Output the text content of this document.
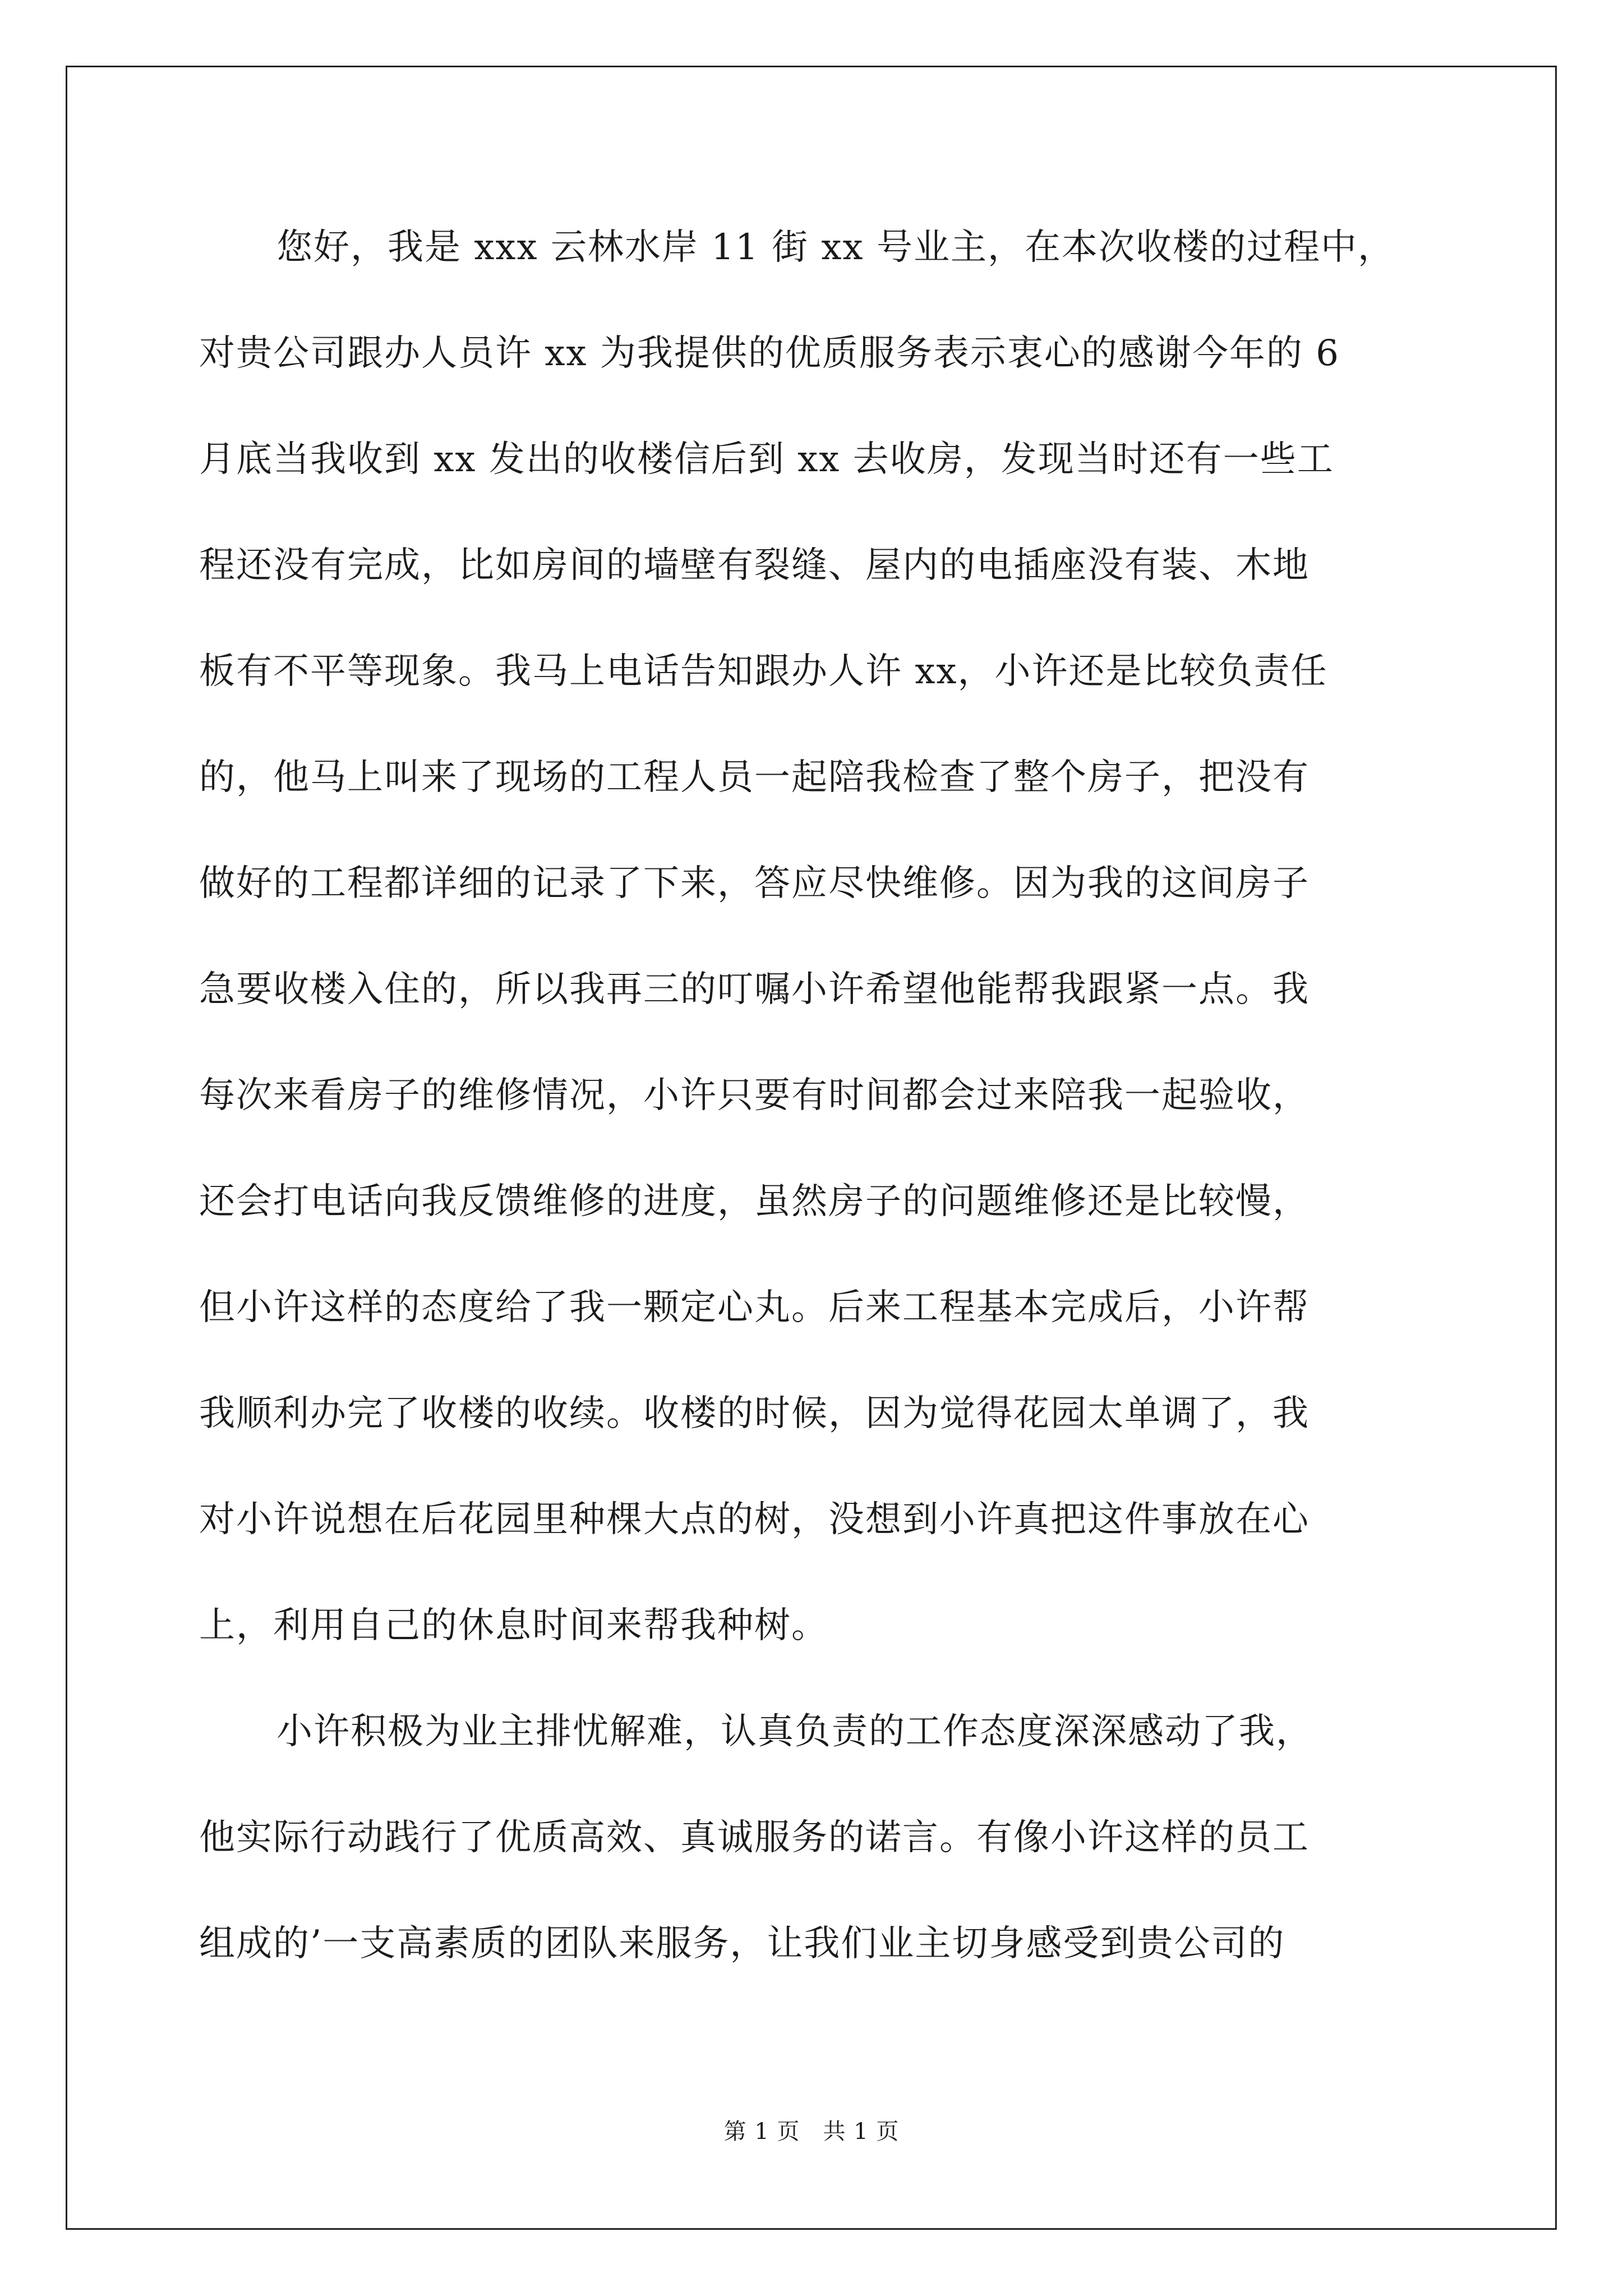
您好，我是 xxx 云林水岸 11 街 xx 号业主，在本次收楼的过程中，
对贵公司跟办人员许 xx 为我提供的优质服务表示衷心的感谢今年的 6
月底当我收到 xx 发出的收楼信后到 xx 去收房，发现当时还有一些工
程还没有完成，比如房间的墙壁有裂缝、屋内的电插座没有装、木地
板有不平等现象。我马上电话告知跟办人许 xx，小许还是比较负责任
的，他马上叫来了现场的工程人员一起陪我检查了整个房子，把没有
做好的工程都详细的记录了下来，答应尽快维修。因为我的这间房子
急要收楼入住的，所以我再三的叮嘱小许希望他能帮我跟紧一点。我
每次来看房子的维修情况，小许只要有时间都会过来陪我一起验收，
还会打电话向我反馈维修的进度，虽然房子的问题维修还是比较慢，
但小许这样的态度给了我一颗定心丸。后来工程基本完成后，小许帮
我顺利办完了收楼的收续。收楼的时候，因为觉得花园太单调了，我
对小许说想在后花园里种棵大点的树，没想到小许真把这件事放在心
上，利用自己的休息时间来帮我种树。
小许积极为业主排忧解难，认真负责的工作态度深深感动了我，
他实际行动践行了优质高效、真诚服务的诺言。有像小许这样的员工
组成的’一支高素质的团队来服务，让我们业主切身感受到贵公司的
第 1 页　共 1 页
